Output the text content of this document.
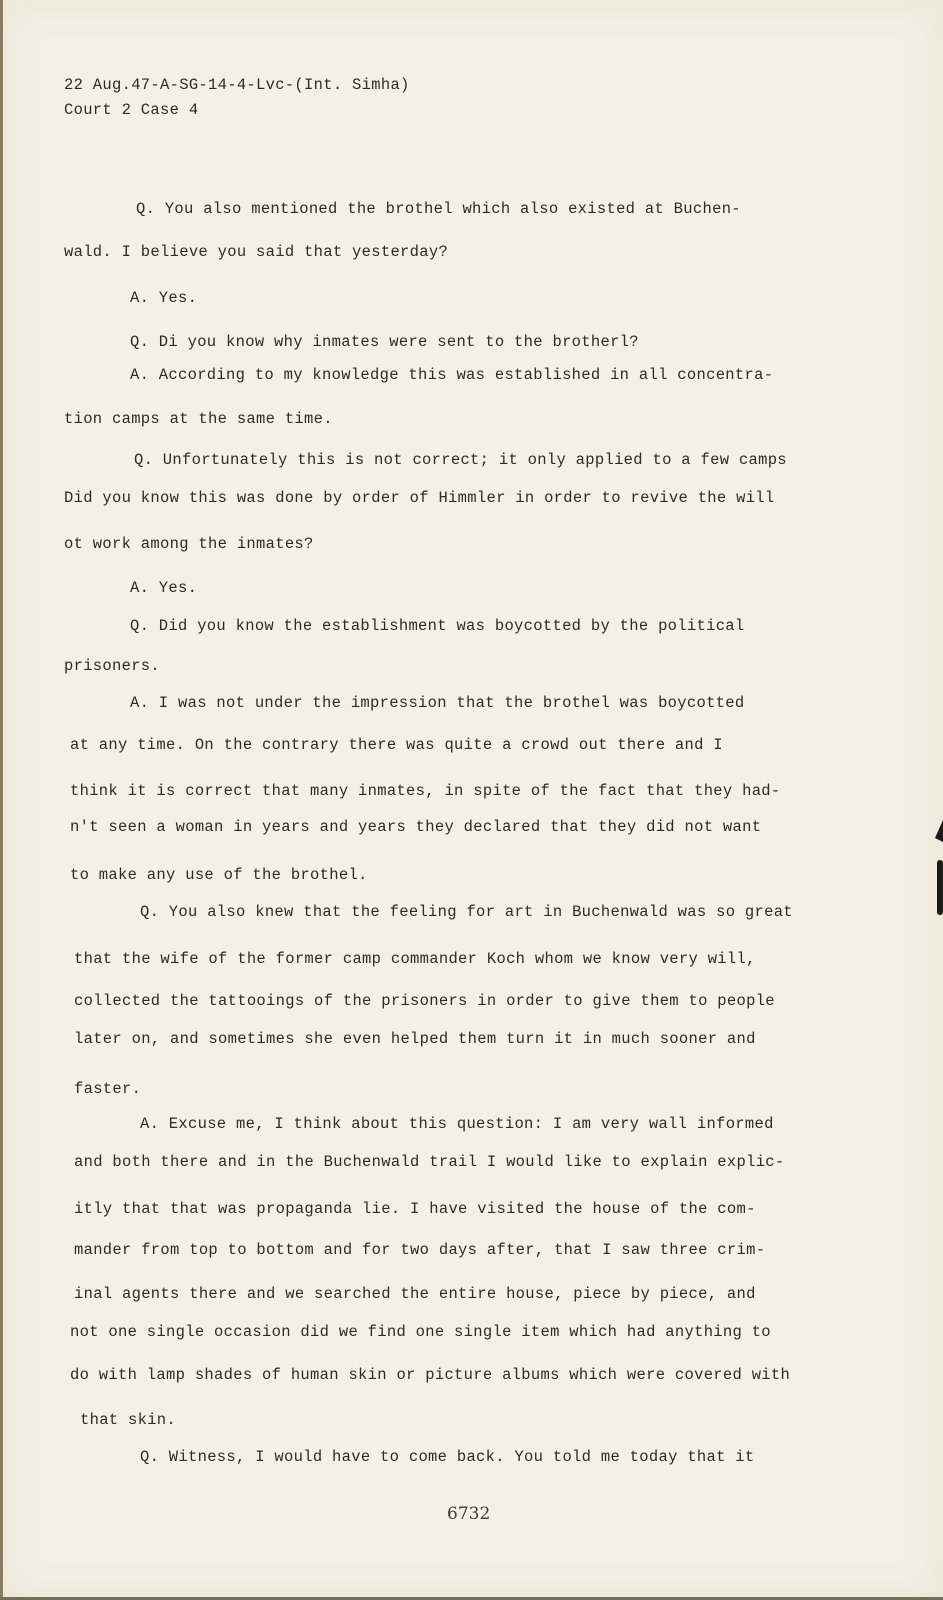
22 Aug.47-A-SG-14-4-Lvc-(Int. Simha)
Court 2 Case 4
Q. You also mentioned the brothel which also existed at Buchen-
wald. I believe you said that yesterday?
A. Yes.
Q. Di you know why inmates were sent to the brotherl?
A. According to my knowledge this was established in all concentra-
tion camps at the same time.
Q. Unfortunately this is not correct; it only applied to a few camps
Did you know this was done by order of Himmler in order to revive the will
ot work among the inmates?
A. Yes.
Q. Did you know the establishment was boycotted by the political
prisoners.
A. I was not under the impression that the brothel was boycotted
at any time. On the contrary there was quite a crowd out there and I
think it is correct that many inmates, in spite of the fact that they had-
n't seen a woman in years and years they declared that they did not want
to make any use of the brothel.
Q. You also knew that the feeling for art in Buchenwald was so great
that the wife of the former camp commander Koch whom we know very will,
collected the tattooings of the prisoners in order to give them to people
later on, and sometimes she even helped them turn it in much sooner and
faster.
A. Excuse me, I think about this question: I am very wall informed
and both there and in the Buchenwald trail I would like to explain explic-
itly that that was propaganda lie. I have visited the house of the com-
mander from top to bottom and for two days after, that I saw three crim-
inal agents there and we searched the entire house, piece by piece, and
not one single occasion did we find one single item which had anything to
do with lamp shades of human skin or picture albums which were covered with
that skin.
Q. Witness, I would have to come back. You told me today that it
6732
